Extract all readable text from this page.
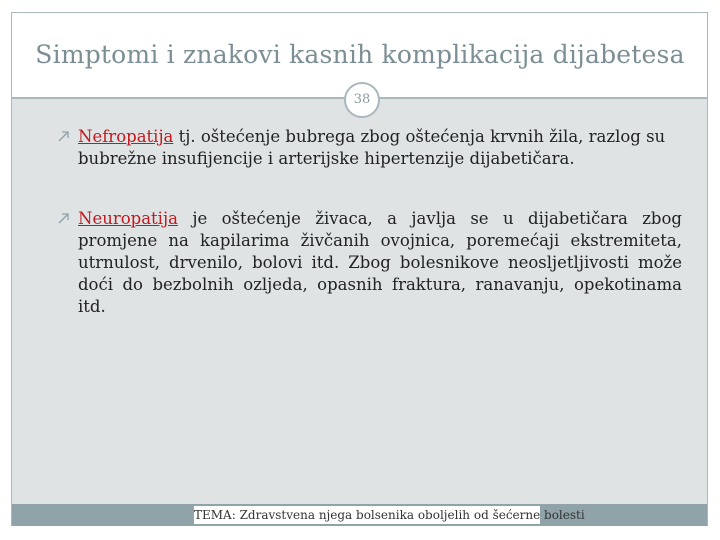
Simptomi i znakovi kasnih komplikacija dijabetesa
38
Nefropatija tj. oštećenje bubrega zbog oštećenja krvnih žila, razlog su bubrežne insufijencije i arterijske hipertenzije dijabetičara.

Neuropatija je oštećenje živaca, a javlja se u dijabetičara zbog promjene na kapilarima živčanih ovojnica, poremećaji ekstremiteta, utrnulost, drvenilo, bolovi itd. Zbog bolesnikove neosljetljivosti može doći do bezbolnih ozljeda, opasnih fraktura, ranavanju, opekotinama itd.

TEMA: Zdravstvena njega bolsenika oboljelih od šećerne bolesti
